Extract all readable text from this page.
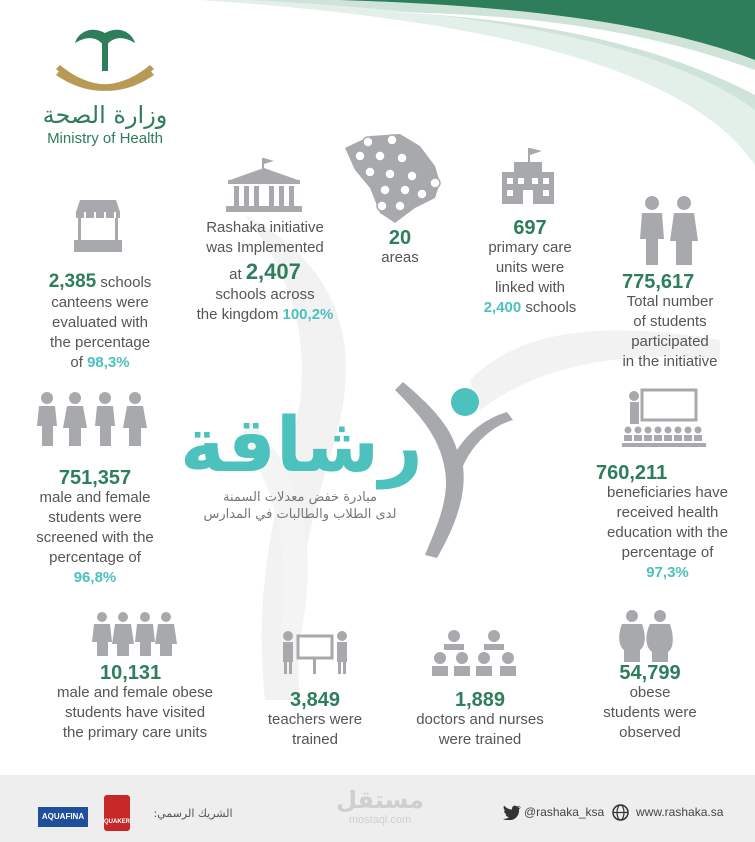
وزارة الصحة
Ministry of Health
2,385 schools
canteens were
evaluated with
the percentage
of 98,3%
Rashaka initiative
was Implemented
at 2,407
schools across
the kingdom 100,2%
20
areas
697
primary care
units were
linked with
2,400 schools
775,617
Total number
of students
participated
in the initiative
751,357
male and female
students were
screened with the
percentage of
96,8%
رشاقة
مبادرة خفض معدلات السمنة
لدى الطلاب والطالبات في المدارس
760,211
beneficiaries have
received health
education with the
percentage of
97,3%
10,131
male and female obese
students have visited
the primary care units
3,849
teachers were
trained
1,889
doctors and nurses
were trained
54,799
obese
students were
observed
AQUAFINA
QUAKER
الشريك الرسمي:	مستقل
mostaql.com
@rashaka_ksa	www.rashaka.sa
